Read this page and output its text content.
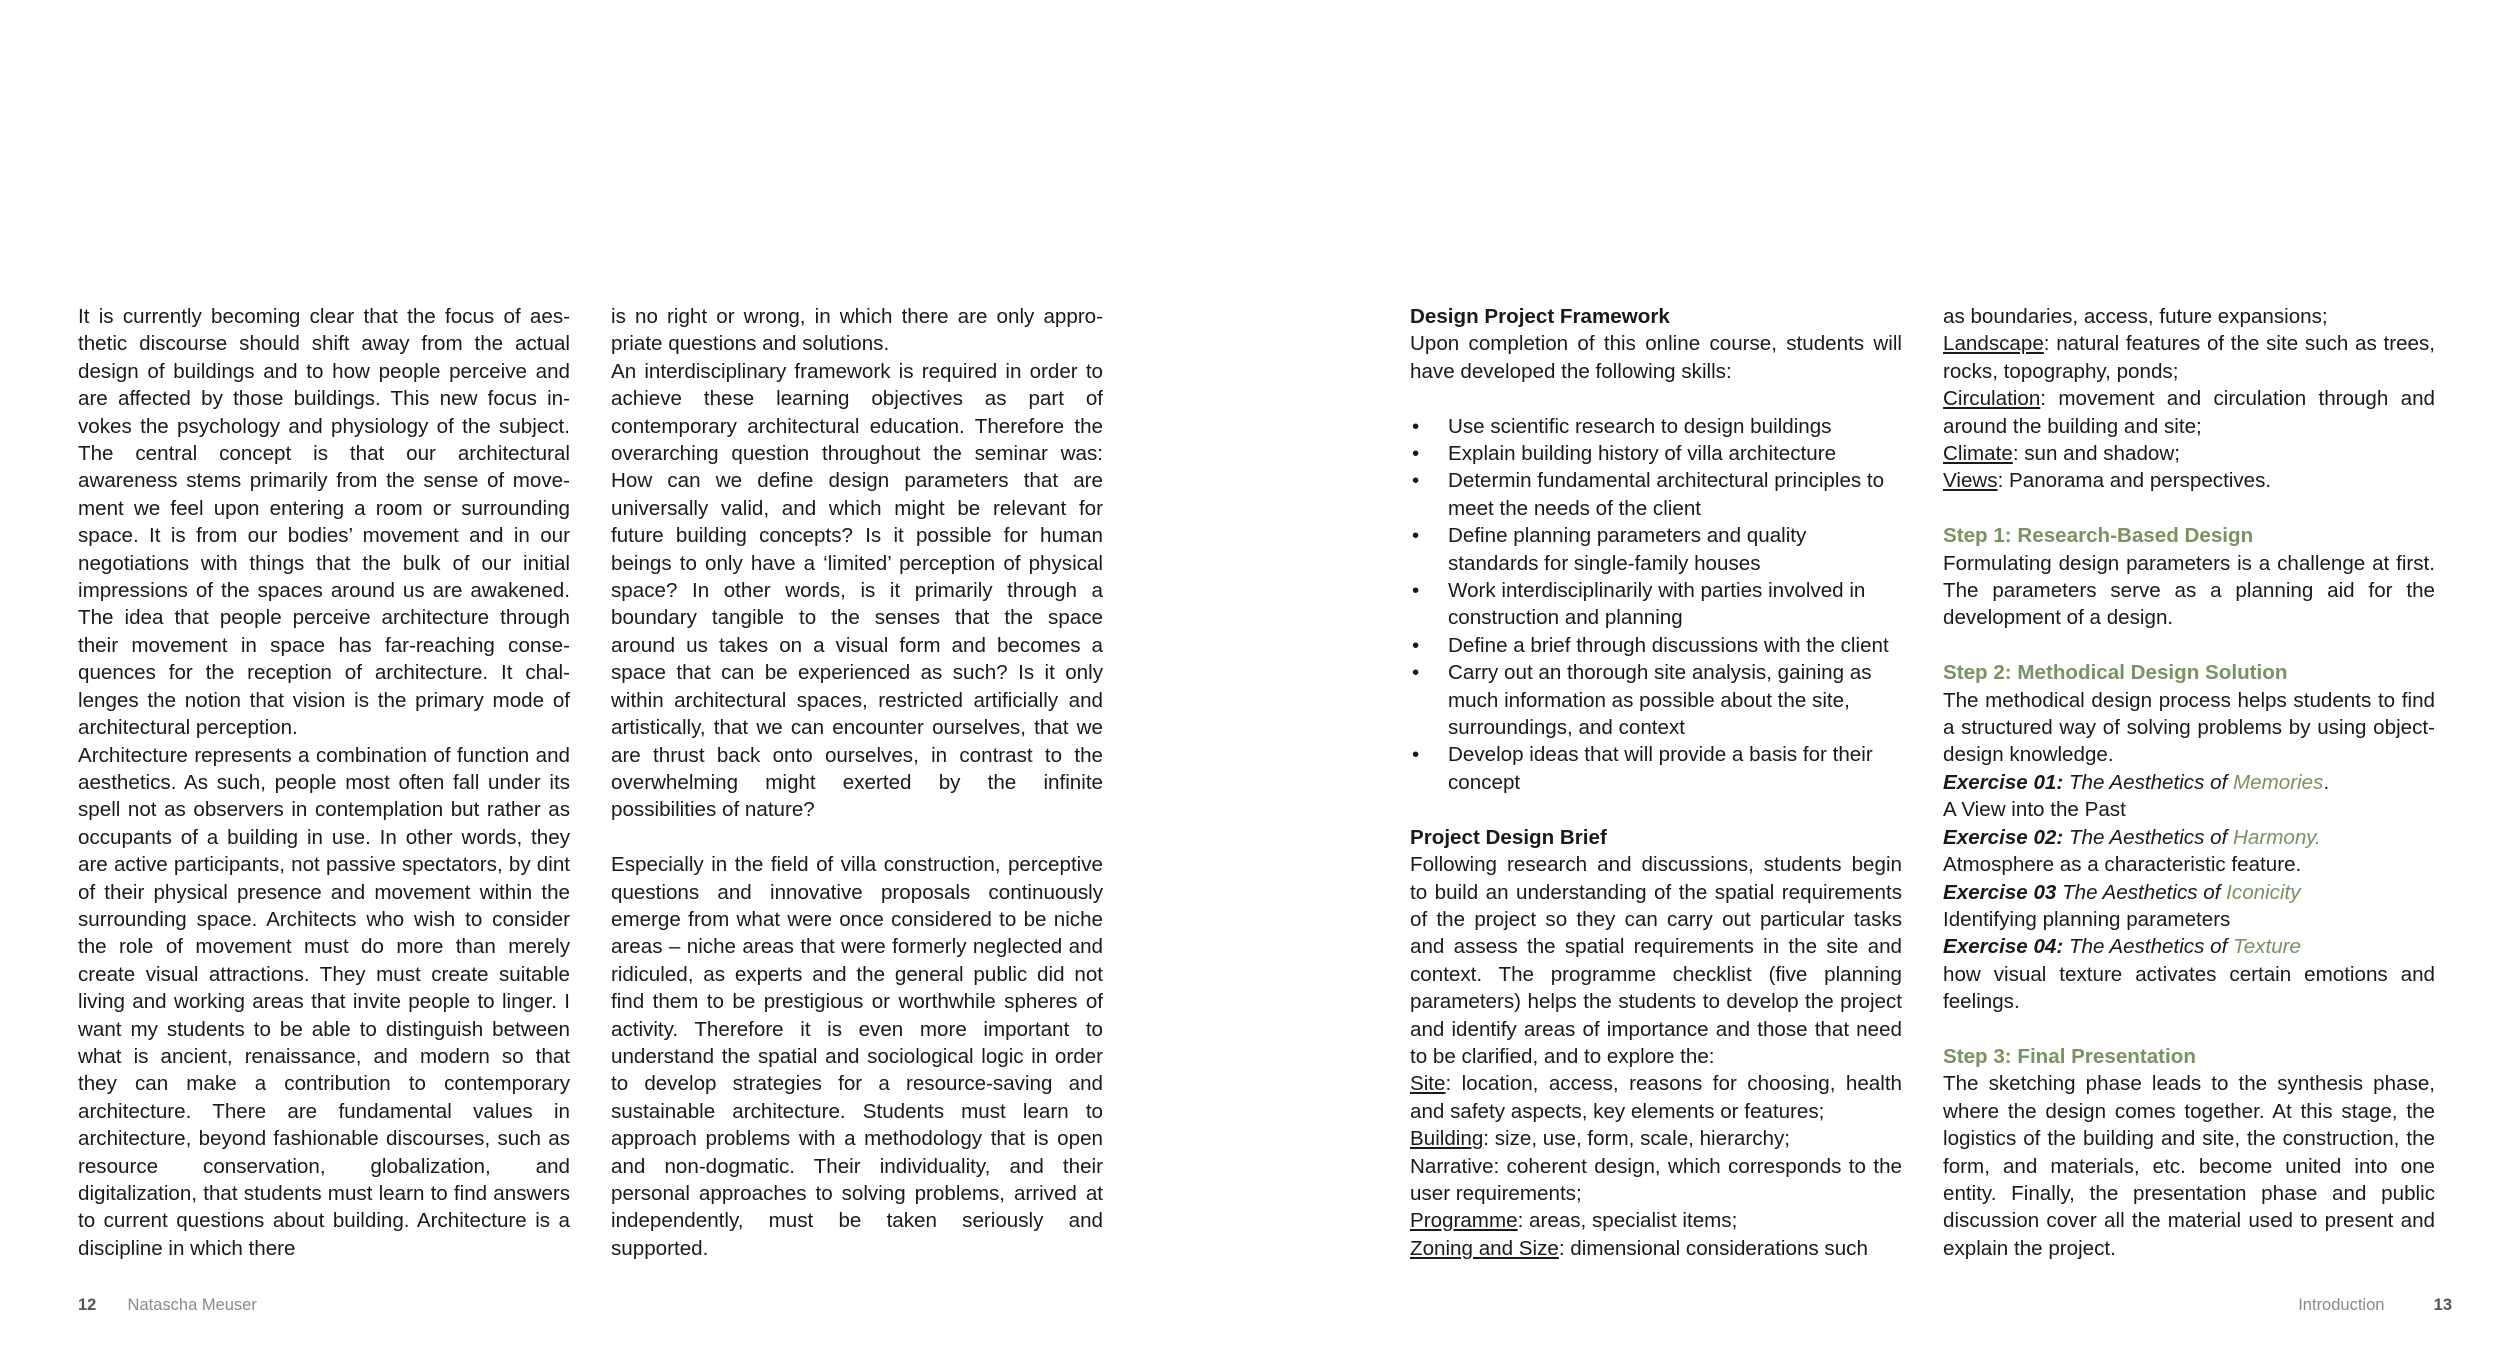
It is currently becoming clear that the focus of aesthetic discourse should shift away from the actual design of buildings and to how people perceive and are affected by those buildings. This new focus invokes the psychology and physiology of the subject. The central concept is that our architectural awareness stems primarily from the sense of movement we feel upon entering a room or surrounding space. It is from our bodies’ movement and in our negotiations with things that the bulk of our initial impressions of the spaces around us are awakened. The idea that people perceive architecture through their movement in space has far-reaching consequences for the reception of architecture. It challenges the notion that vision is the primary mode of architectural perception.

Architecture represents a combination of function and aesthetics. As such, people most often fall under its spell not as observers in contemplation but rather as occupants of a building in use. In other words, they are active participants, not passive spectators, by dint of their physical presence and movement within the surrounding space. Architects who wish to consider the role of movement must do more than merely create visual attractions. They must create suitable living and working areas that invite people to linger. I want my students to be able to distinguish between what is ancient, renaissance, and modern so that they can make a contribution to contemporary architecture. There are fundamental values in architecture, beyond fashionable discourses, such as resource conservation, globalization, and digitalization, that students must learn to find answers to current questions about building. Architecture is a discipline in which there

is no right or wrong, in which there are only appropriate questions and solutions.

An interdisciplinary framework is required in order to achieve these learning objectives as part of contemporary architectural education. Therefore the overarching question throughout the seminar was: How can we define design parameters that are universally valid, and which might be relevant for future building concepts? Is it possible for human beings to only have a ‘limited’ perception of physical space? In other words, is it primarily through a boundary tangible to the senses that the space around us takes on a visual form and becomes a space that can be experienced as such? Is it only within architectural spaces, restricted artificially and artistically, that we can encounter ourselves, that we are thrust back onto ourselves, in contrast to the overwhelming might exerted by the infinite possibilities of nature?

Especially in the field of villa construction, perceptive questions and innovative proposals continuously emerge from what were once considered to be niche areas – niche areas that were formerly neglected and ridiculed, as experts and the general public did not find them to be prestigious or worthwhile spheres of activity. Therefore it is even more important to understand the spatial and sociological logic in order to develop strategies for a resource-saving and sustainable architecture. Students must learn to approach problems with a methodology that is open and non-dogmatic. Their individuality, and their personal approaches to solving problems, arrived at independently, must be taken seriously and supported.

Design Project Framework

Upon completion of this online course, students will have developed the following skills:

• Use scientific research to design buildings
• Explain building history of villa architecture
• Determin fundamental architectural principles to meet the needs of the client
• Define planning parameters and quality standards for single-family houses
• Work interdisciplinarily with parties involved in construction and planning
• Define a brief through discussions with the client
• Carry out an thorough site analysis, gaining as much information as possible about the site, surroundings, and context
• Develop ideas that will provide a basis for their concept

Project Design Brief

Following research and discussions, students begin to build an understanding of the spatial requirements of the project so they can carry out particular tasks and assess the spatial requirements in the site and context. The programme checklist (five planning parameters) helps the students to develop the project and identify areas of importance and those that need to be clarified, and to explore the:

Site: location, access, reasons for choosing, health and safety aspects, key elements or features;

Building: size, use, form, scale, hierarchy;

Narrative: coherent design, which corresponds to the user requirements;

Programme: areas, specialist items;

Zoning and Size: dimensional considerations such

as boundaries, access, future expansions;

Landscape: natural features of the site such as trees, rocks, topography, ponds;

Circulation: movement and circulation through and around the building and site;

Climate: sun and shadow;

Views: Panorama and perspectives.

Step 1: Research-Based Design

Formulating design parameters is a challenge at first. The parameters serve as a planning aid for the development of a design.

Step 2: Methodical Design Solution

The methodical design process helps students to find a structured way of solving problems by using object-design knowledge.

Exercise 01: The Aesthetics of Memories.

A View into the Past

Exercise 02: The Aesthetics of Harmony.

Atmosphere as a characteristic feature.

Exercise 03 The Aesthetics of Iconicity

Identifying planning parameters

Exercise 04: The Aesthetics of Texture

how visual texture activates certain emotions and feelings.

Step 3: Final Presentation

The sketching phase leads to the synthesis phase, where the design comes together. At this stage, the logistics of the building and site, the construction, the form, and materials, etc. become united into one entity. Finally, the presentation phase and public discussion cover all the material used to present and explain the project.

12 Natascha Meuser	Introduction	13
